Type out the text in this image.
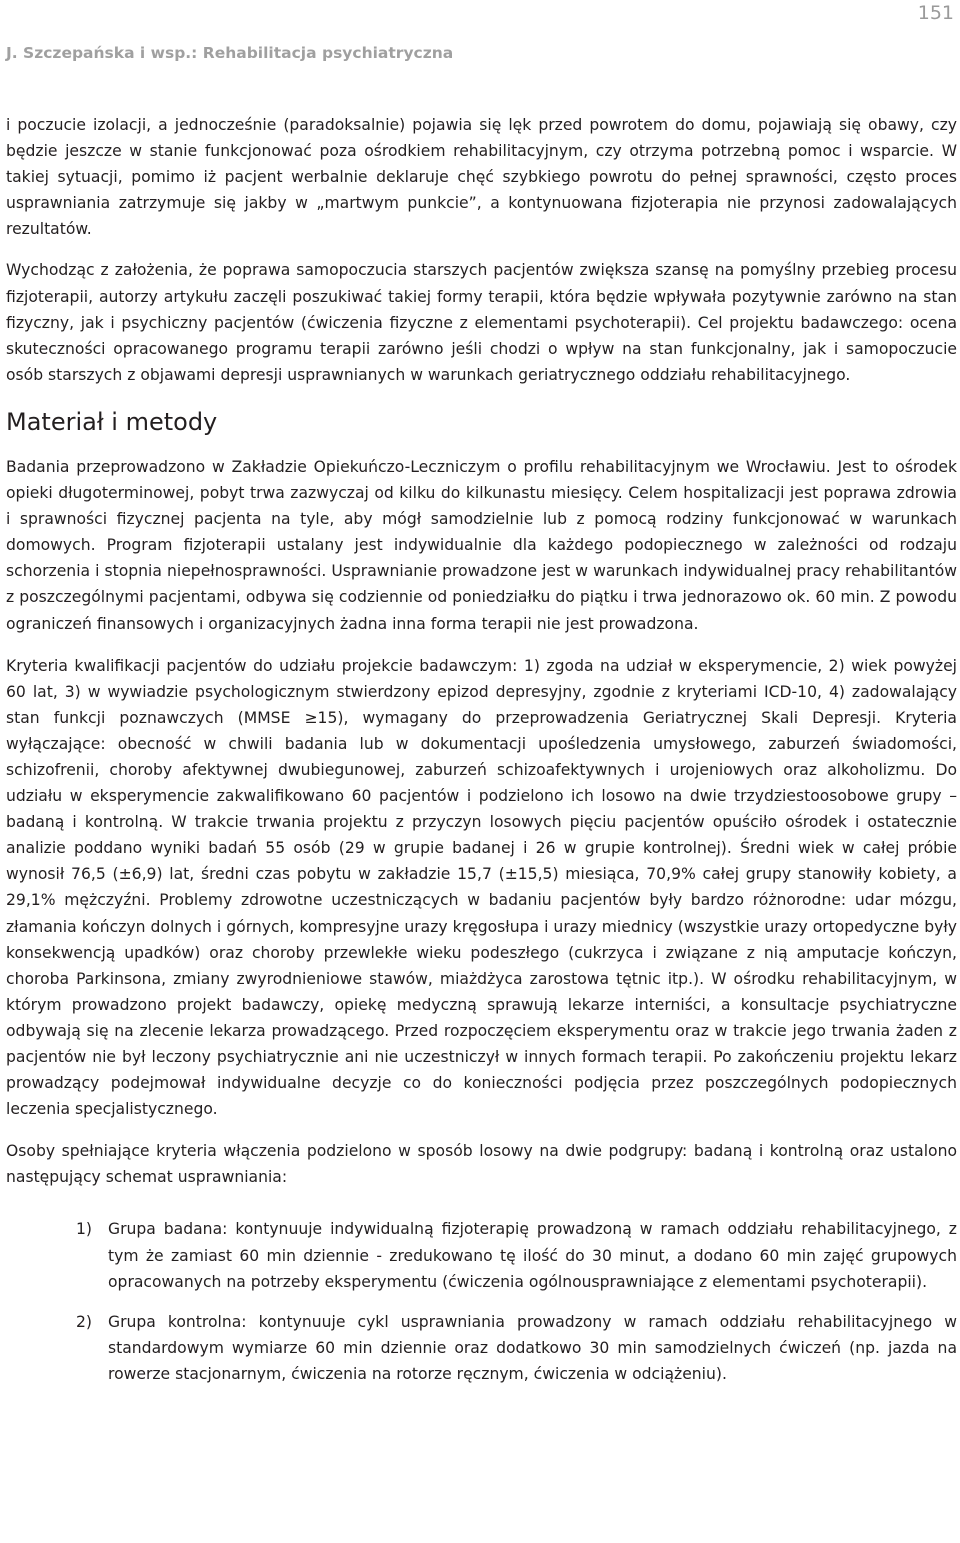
151
J. Szczepańska i wsp.: Rehabilitacja psychiatryczna

i poczucie izolacji, a jednocześnie (paradoksalnie) pojawia się lęk przed powrotem do domu, pojawiają się obawy, czy będzie jeszcze w stanie funkcjonować poza ośrodkiem rehabilitacyjnym, czy otrzyma potrzebną pomoc i wsparcie. W takiej sytuacji, pomimo iż pacjent werbalnie deklaruje chęć szybkiego powrotu do pełnej sprawności, często proces usprawniania zatrzymuje się jakby w „martwym punkcie”, a kontynuowana fizjoterapia nie przynosi zadowalających rezultatów.

Wychodząc z założenia, że poprawa samopoczucia starszych pacjentów zwiększa szansę na pomyślny przebieg procesu fizjoterapii, autorzy artykułu zaczęli poszukiwać takiej formy terapii, która będzie wpływała pozytywnie zarówno na stan fizyczny, jak i psychiczny pacjentów (ćwiczenia fizyczne z elementami psychoterapii). Cel projektu badawczego: ocena skuteczności opracowanego programu terapii zarówno jeśli chodzi o wpływ na stan funkcjonalny, jak i samopoczucie osób starszych z objawami depresji usprawnianych w warunkach geriatrycznego oddziału rehabilitacyjnego.

Materiał i metody

Badania przeprowadzono w Zakładzie Opiekuńczo-Leczniczym o profilu rehabilitacyjnym we Wrocławiu. Jest to ośrodek opieki długoterminowej, pobyt trwa zazwyczaj od kilku do kilkunastu miesięcy. Celem hospitalizacji jest poprawa zdrowia i sprawności fizycznej pacjenta na tyle, aby mógł samodzielnie lub z pomocą rodziny funkcjonować w warunkach domowych. Program fizjoterapii ustalany jest indywidualnie dla każdego podopiecznego w zależności od rodzaju schorzenia i stopnia niepełnosprawności. Usprawnianie prowadzone jest w warunkach indywidualnej pracy rehabilitantów z poszczególnymi pacjentami, odbywa się codziennie od poniedziałku do piątku i trwa jednorazowo ok. 60 min. Z powodu ograniczeń finansowych i organizacyjnych żadna inna forma terapii nie jest prowadzona.

Kryteria kwalifikacji pacjentów do udziału projekcie badawczym: 1) zgoda na udział w eksperymencie, 2) wiek powyżej 60 lat, 3) w wywiadzie psychologicznym stwierdzony epizod depresyjny, zgodnie z kryteriami ICD-10, 4) zadowalający stan funkcji poznawczych (MMSE ≥15), wymagany do przeprowadzenia Geriatrycznej Skali Depresji. Kryteria wyłączające: obecność w chwili badania lub w dokumentacji upośledzenia umysłowego, zaburzeń świadomości, schizofrenii, choroby afektywnej dwubiegunowej, zaburzeń schizoafektywnych i urojeniowych oraz alkoholizmu. Do udziału w eksperymencie zakwalifikowano 60 pacjentów i podzielono ich losowo na dwie trzydziestoosobowe grupy – badaną i kontrolną. W trakcie trwania projektu z przyczyn losowych pięciu pacjentów opuściło ośrodek i ostatecznie analizie poddano wyniki badań 55 osób (29 w grupie badanej i 26 w grupie kontrolnej). Średni wiek w całej próbie wynosił 76,5 (±6,9) lat, średni czas pobytu w zakładzie 15,7 (±15,5) miesiąca, 70,9% całej grupy stanowiły kobiety, a 29,1% mężczyźni. Problemy zdrowotne uczestniczących w badaniu pacjentów były bardzo różnorodne: udar mózgu, złamania kończyn dolnych i górnych, kompresyjne urazy kręgosłupa i urazy miednicy (wszystkie urazy ortopedyczne były konsekwencją upadków) oraz choroby przewlekłe wieku podeszłego (cukrzyca i związane z nią amputacje kończyn, choroba Parkinsona, zmiany zwyrodnieniowe stawów, miażdżyca zarostowa tętnic itp.). W ośrodku rehabilitacyjnym, w którym prowadzono projekt badawczy, opiekę medyczną sprawują lekarze interniści, a konsultacje psychiatryczne odbywają się na zlecenie lekarza prowadzącego. Przed rozpoczęciem eksperymentu oraz w trakcie jego trwania żaden z pacjentów nie był leczony psychiatrycznie ani nie uczestniczył w innych formach terapii. Po zakończeniu projektu lekarz prowadzący podejmował indywidualne decyzje co do konieczności podjęcia przez poszczególnych podopiecznych leczenia specjalistycznego.

Osoby spełniające kryteria włączenia podzielono w sposób losowy na dwie podgrupy: badaną i kontrolną oraz ustalono następujący schemat usprawniania:

1) Grupa badana: kontynuuje indywidualną fizjoterapię prowadzoną w ramach oddziału rehabilitacyjnego, z tym że zamiast 60 min dziennie - zredukowano tę ilość do 30 minut, a dodano 60 min zajęć grupowych opracowanych na potrzeby eksperymentu (ćwiczenia ogólnousprawniające z elementami psychoterapii).
2) Grupa kontrolna: kontynuuje cykl usprawniania prowadzony w ramach oddziału rehabilitacyjnego w standardowym wymiarze 60 min dziennie oraz dodatkowo 30 min samodzielnych ćwiczeń (np. jazda na rowerze stacjonarnym, ćwiczenia na rotorze ręcznym, ćwiczenia w odciążeniu).
